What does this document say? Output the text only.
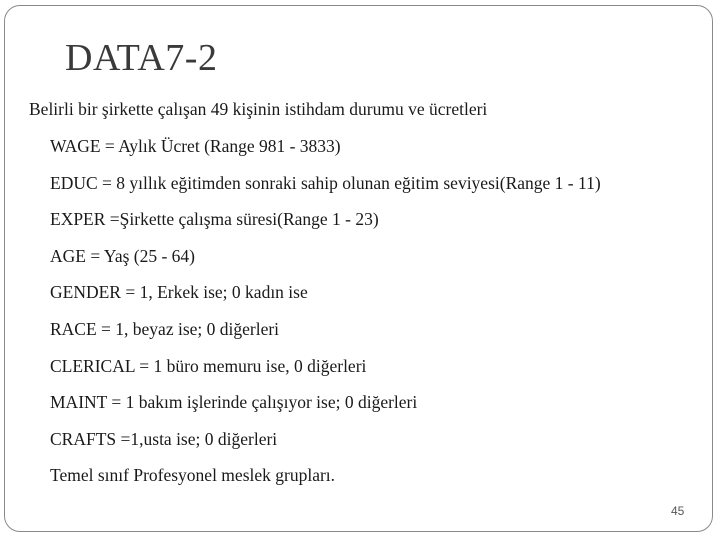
DATA7-2
Belirli bir şirkette çalışan 49 kişinin istihdam durumu ve ücretleri
WAGE = Aylık Ücret (Range 981 - 3833)
EDUC = 8 yıllık eğitimden sonraki sahip olunan eğitim seviyesi(Range 1 - 11)
EXPER =Şirkette çalışma süresi(Range 1 - 23)
AGE = Yaş (25 - 64)
GENDER = 1, Erkek ise; 0 kadın ise
RACE = 1, beyaz ise; 0 diğerleri
CLERICAL = 1 büro memuru ise, 0 diğerleri
MAINT = 1 bakım işlerinde çalışıyor ise; 0 diğerleri
CRAFTS =1,usta ise; 0 diğerleri
Temel sınıf Profesyonel meslek grupları.
45
